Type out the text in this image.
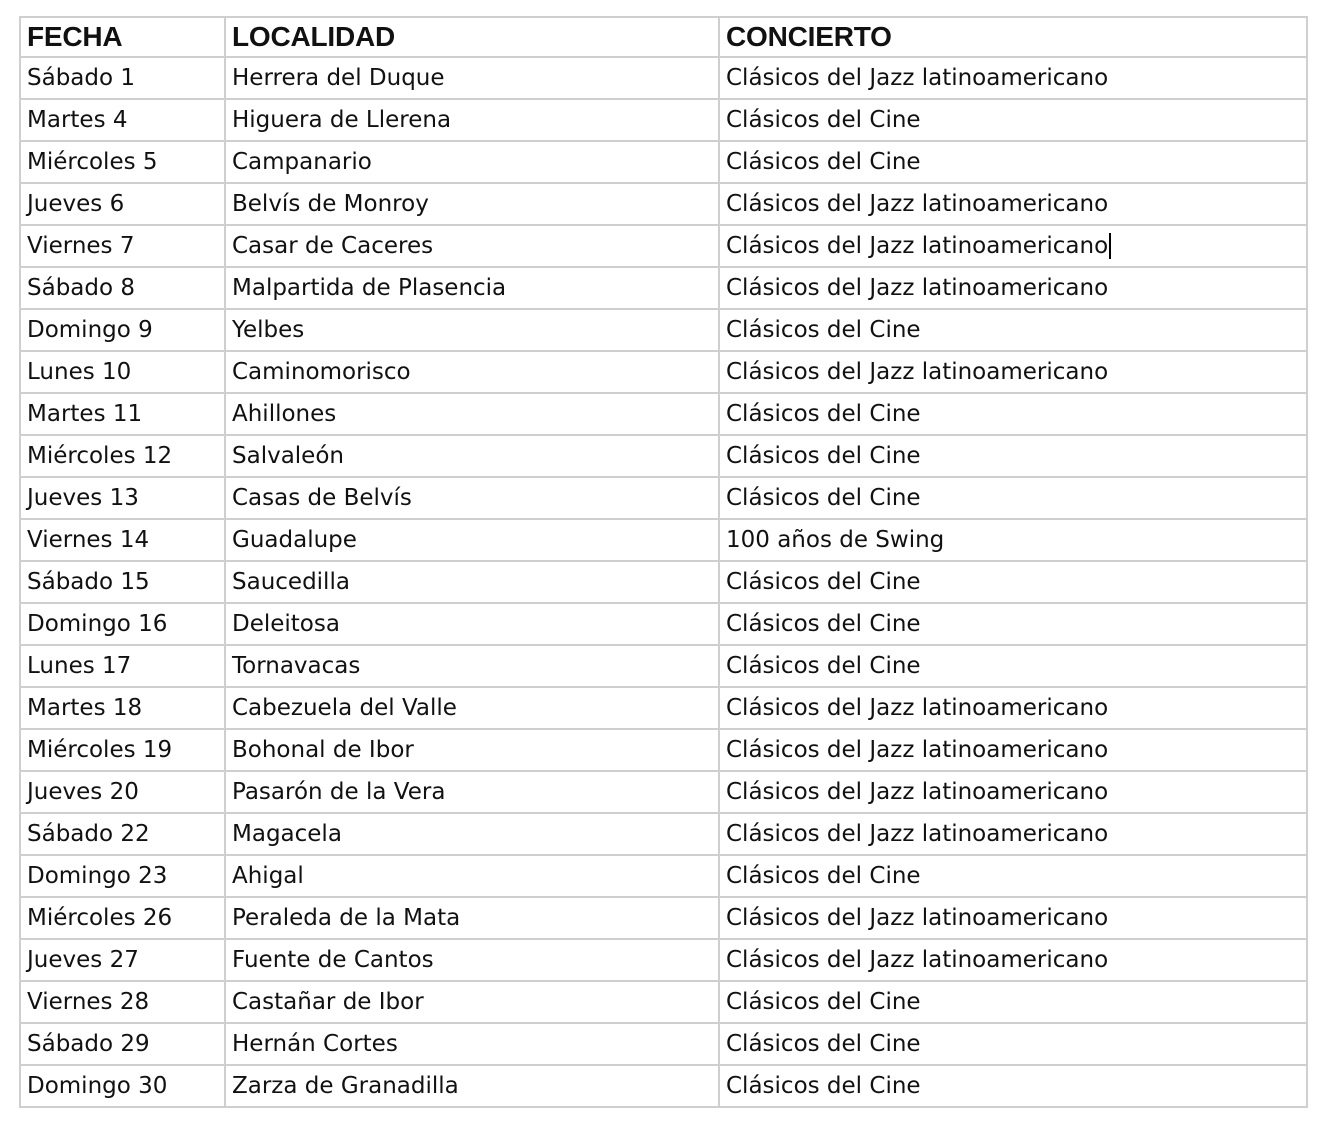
FECHA	LOCALIDAD	CONCIERTO
Sábado 1	Herrera del Duque	Clásicos del Jazz latinoamericano
Martes 4	Higuera de Llerena	Clásicos del Cine
Miércoles 5	Campanario	Clásicos del Cine
Jueves 6	Belvís de Monroy	Clásicos del Jazz latinoamericano
Viernes 7	Casar de Caceres	Clásicos del Jazz latinoamericano
Sábado 8	Malpartida de Plasencia	Clásicos del Jazz latinoamericano
Domingo 9	Yelbes	Clásicos del Cine
Lunes 10	Caminomorisco	Clásicos del Jazz latinoamericano
Martes 11	Ahillones	Clásicos del Cine
Miércoles 12	Salvaleón	Clásicos del Cine
Jueves 13	Casas de Belvís	Clásicos del Cine
Viernes 14	Guadalupe	100 años de Swing
Sábado 15	Saucedilla	Clásicos del Cine
Domingo 16	Deleitosa	Clásicos del Cine
Lunes 17	Tornavacas	Clásicos del Cine
Martes 18	Cabezuela del Valle	Clásicos del Jazz latinoamericano
Miércoles 19	Bohonal de Ibor	Clásicos del Jazz latinoamericano
Jueves 20	Pasarón de la Vera	Clásicos del Jazz latinoamericano
Sábado 22	Magacela	Clásicos del Jazz latinoamericano
Domingo 23	Ahigal	Clásicos del Cine
Miércoles 26	Peraleda de la Mata	Clásicos del Jazz latinoamericano
Jueves 27	Fuente de Cantos	Clásicos del Jazz latinoamericano
Viernes 28	Castañar de Ibor	Clásicos del Cine
Sábado 29	Hernán Cortes	Clásicos del Cine
Domingo 30	Zarza de Granadilla	Clásicos del Cine
